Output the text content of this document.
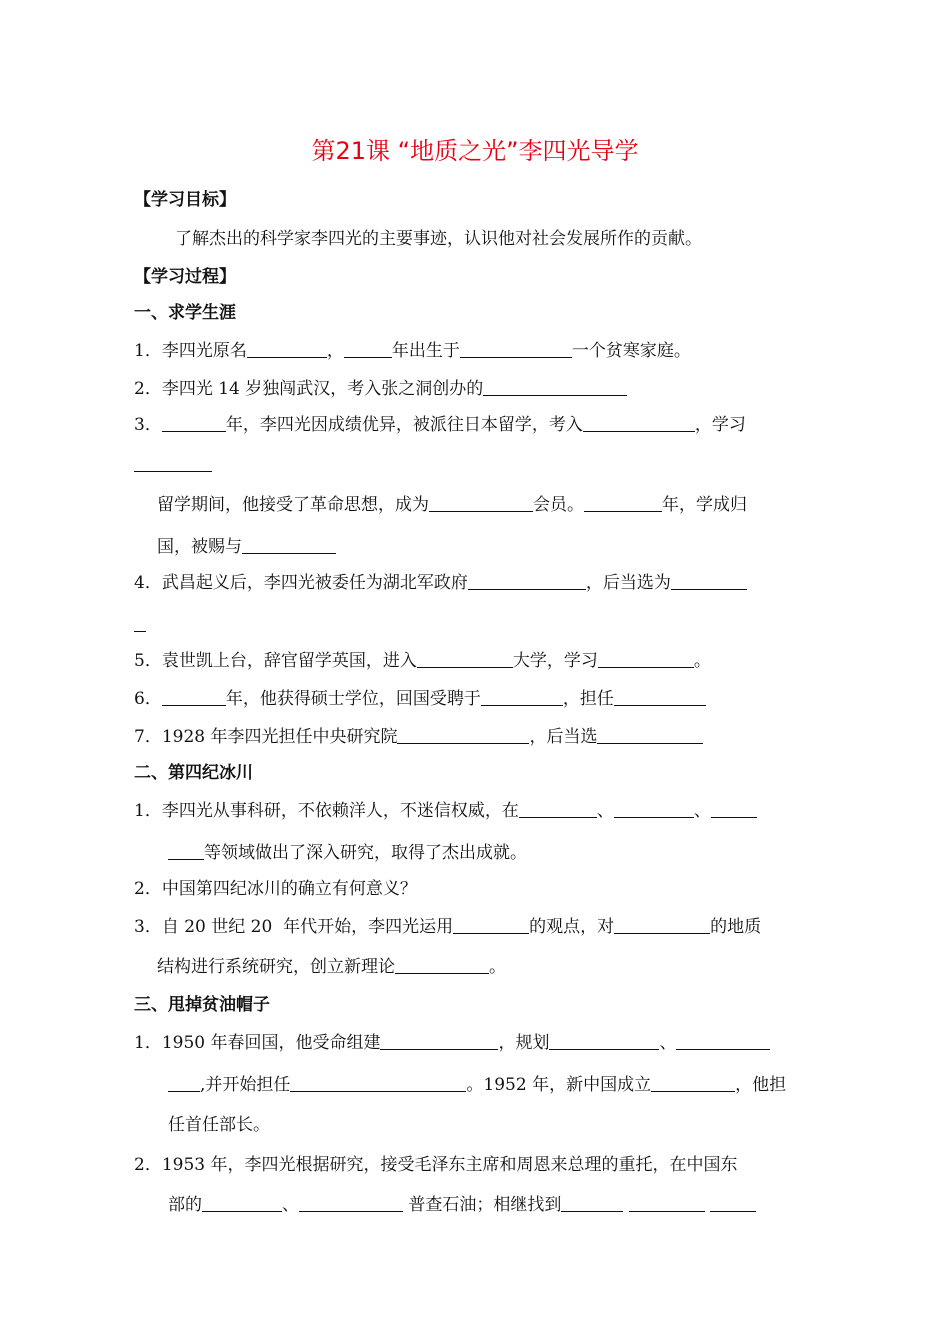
第21课 “地质之光”李四光导学
【学习目标】
了解杰出的科学家李四光的主要事迹，认识他对社会发展所作的贡献。
【学习过程】
一、求学生涯
1．李四光原名	，	年出生于	一个贫寒家庭。
2．李四光 14 岁独闯武汉，考入张之洞创办的
3．	年，李四光因成绩优异，被派往日本留学，考入	，学习
留学期间，他接受了革命思想，成为	会员。	年，学成归
国，被赐与
4．武昌起义后，李四光被委任为湖北军政府	，后当选为
5．袁世凯上台，辞官留学英国，进入	大学，学习	。
6．	年，他获得硕士学位，回国受聘于	，担任
7．1928 年李四光担任中央研究院	，后当选
二、第四纪冰川
1．李四光从事科研，不依赖洋人，不迷信权威，在	、	、
等领域做出了深入研究，取得了杰出成就。
2．中国第四纪冰川的确立有何意义？
3．自 20 世纪 20  年代开始，李四光运用	的观点，对	的地质
结构进行系统研究，创立新理论	。
三、甩掉贫油帽子
1．1950 年春回国，他受命组建	，规划	、
,并开始担任	。1952 年，新中国成立	，他担
任首任部长。
2．1953 年，李四光根据研究，接受毛泽东主席和周恩来总理的重托，在中国东
部的	、	普查石油；相继找到
